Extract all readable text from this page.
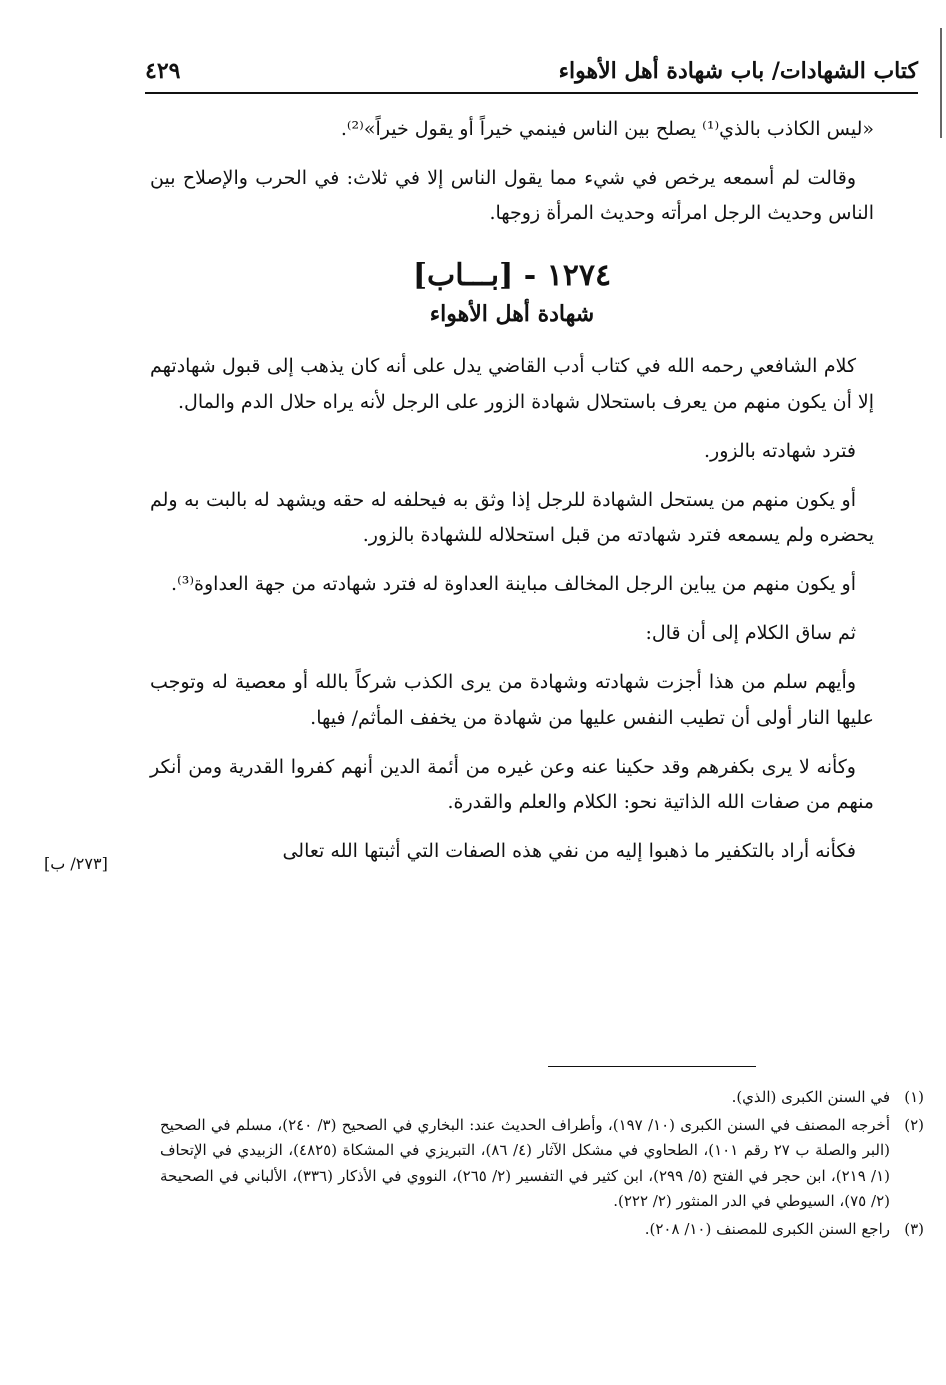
كتاب الشهادات/ باب شهادة أهل الأهواء
٤٢٩

«ليس الكاذب بالذي⁽¹⁾ يصلح بين الناس فينمي خيراً أو يقول خيراً»⁽²⁾.

وقالت لم أسمعه يرخص في شيء مما يقول الناس إلا في ثلاث: في الحرب والإصلاح بين الناس وحديث الرجل امرأته وحديث المرأة زوجها.

١٢٧٤ - [بـــاب]
شهادة أهل الأهواء

كلام الشافعي رحمه الله في كتاب أدب القاضي يدل على أنه كان يذهب إلى قبول شهادتهم إلا أن يكون منهم من يعرف باستحلال شهادة الزور على الرجل لأنه يراه حلال الدم والمال.

فترد شهادته بالزور.

أو يكون منهم من يستحل الشهادة للرجل إذا وثق به فيحلفه له حقه ويشهد له بالبت به ولم يحضره ولم يسمعه فترد شهادته من قبل استحلاله للشهادة بالزور.

أو يكون منهم من يباين الرجل المخالف مباينة العداوة له فترد شهادته من جهة العداوة⁽³⁾.

ثم ساق الكلام إلى أن قال:

وأيهم سلم من هذا أجزت شهادته وشهادة من يرى الكذب شركاً بالله أو معصية له وتوجب عليها النار أولى أن تطيب النفس عليها من شهادة من يخفف المأثم/ فيها.

وكأنه لا يرى بكفرهم وقد حكينا عنه وعن غيره من أئمة الدين أنهم كفروا القدرية ومن أنكر منهم من صفات الله الذاتية نحو: الكلام والعلم والقدرة.

فكأنه أراد بالتكفير ما ذهبوا إليه من نفي هذه الصفات التي أثبتها الله تعالى

[٢٧٣/ ب]
(١)
في السنن الكبرى (الذي).
(٢)
أخرجه المصنف في السنن الكبرى (١٠/ ١٩٧)، وأطراف الحديث عند: البخاري في الصحيح (٣/ ٢٤٠)، مسلم في الصحيح (البر والصلة ب ٢٧ رقم ١٠١)، الطحاوي في مشكل الآثار (٤/ ٨٦)، التبريزي في المشكاة (٤٨٢٥)، الزبيدي في الإتحاف (١/ ٢١٩)، ابن حجر في الفتح (٥/ ٢٩٩)، ابن كثير في التفسير (٢/ ٢٦٥)، النووي في الأذكار (٣٣٦)، الألباني في الصحيحة (٢/ ٧٥)، السيوطي في الدر المنثور (٢/ ٢٢٢).
(٣)
راجع السنن الكبرى للمصنف (١٠/ ٢٠٨).
